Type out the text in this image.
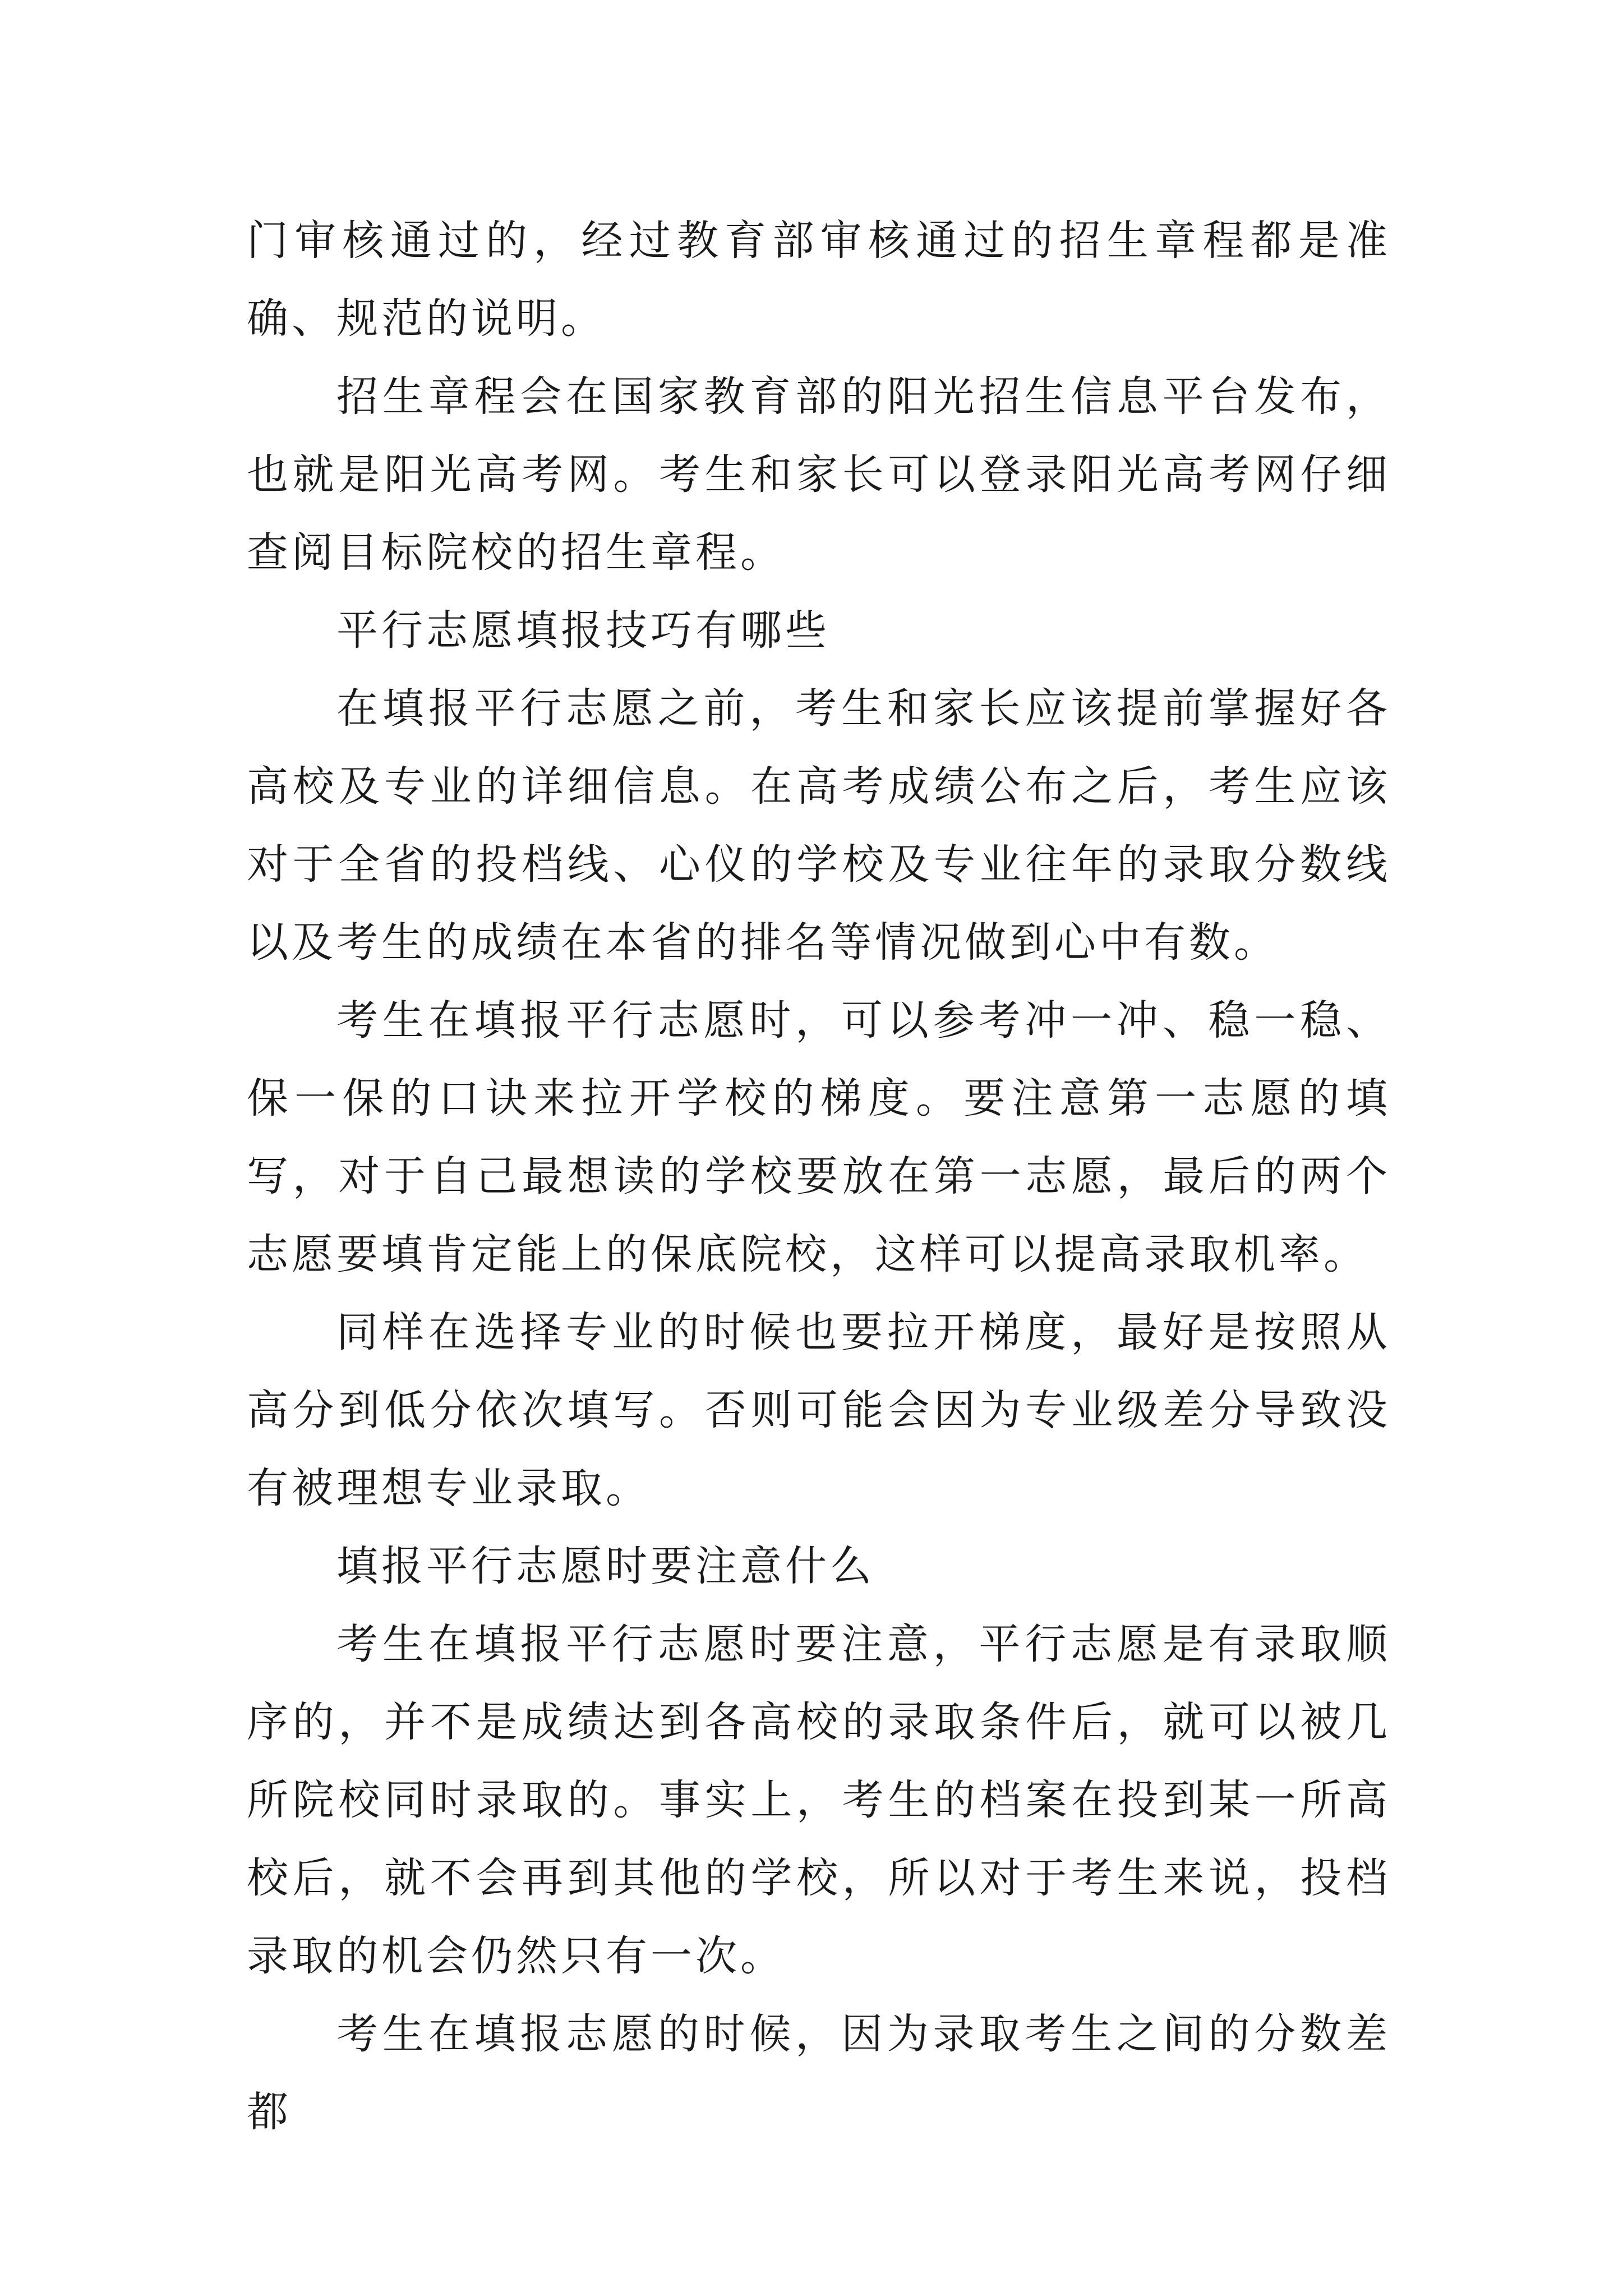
门审核通过的，经过教育部审核通过的招生章程都是准确、规范的说明。

招生章程会在国家教育部的阳光招生信息平台发布，也就是阳光高考网。考生和家长可以登录阳光高考网仔细查阅目标院校的招生章程。

平行志愿填报技巧有哪些

在填报平行志愿之前，考生和家长应该提前掌握好各高校及专业的详细信息。在高考成绩公布之后，考生应该对于全省的投档线、心仪的学校及专业往年的录取分数线以及考生的成绩在本省的排名等情况做到心中有数。

考生在填报平行志愿时，可以参考冲一冲、稳一稳、保一保的口诀来拉开学校的梯度。要注意第一志愿的填写，对于自己最想读的学校要放在第一志愿，最后的两个志愿要填肯定能上的保底院校，这样可以提高录取机率。

同样在选择专业的时候也要拉开梯度，最好是按照从高分到低分依次填写。否则可能会因为专业级差分导致没有被理想专业录取。

填报平行志愿时要注意什么

考生在填报平行志愿时要注意，平行志愿是有录取顺序的，并不是成绩达到各高校的录取条件后，就可以被几所院校同时录取的。事实上，考生的档案在投到某一所高校后，就不会再到其他的学校，所以对于考生来说，投档录取的机会仍然只有一次。

考生在填报志愿的时候，因为录取考生之间的分数差都
